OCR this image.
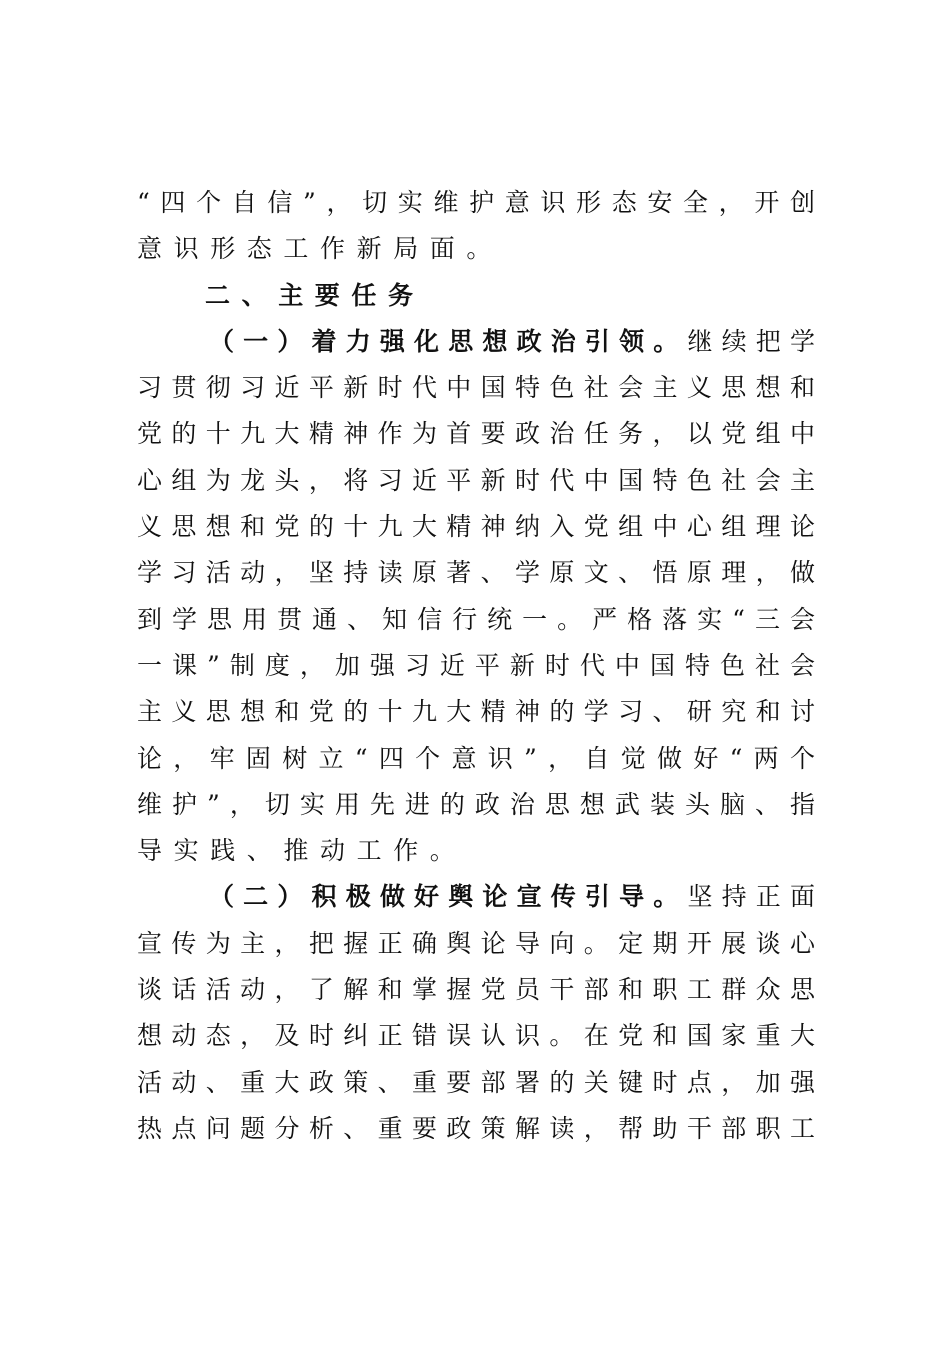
“四个自信”，切实维护意识形态安全，开创
意识形态工作新局面。
二、主要任务
（一）着力强化思想政治引领。继续把学
习贯彻习近平新时代中国特色社会主义思想和
党的十九大精神作为首要政治任务，以党组中
心组为龙头，将习近平新时代中国特色社会主
义思想和党的十九大精神纳入党组中心组理论
学习活动，坚持读原著、学原文、悟原理，做
到学思用贯通、知信行统一。严格落实“三会
一课”制度，加强习近平新时代中国特色社会
主义思想和党的十九大精神的学习、研究和讨
论，牢固树立“四个意识”，自觉做好“两个
维护”，切实用先进的政治思想武装头脑、指
导实践、推动工作。
（二）积极做好舆论宣传引导。坚持正面
宣传为主，把握正确舆论导向。定期开展谈心
谈话活动，了解和掌握党员干部和职工群众思
想动态，及时纠正错误认识。在党和国家重大
活动、重大政策、重要部署的关键时点，加强
热点问题分析、重要政策解读，帮助干部职工
